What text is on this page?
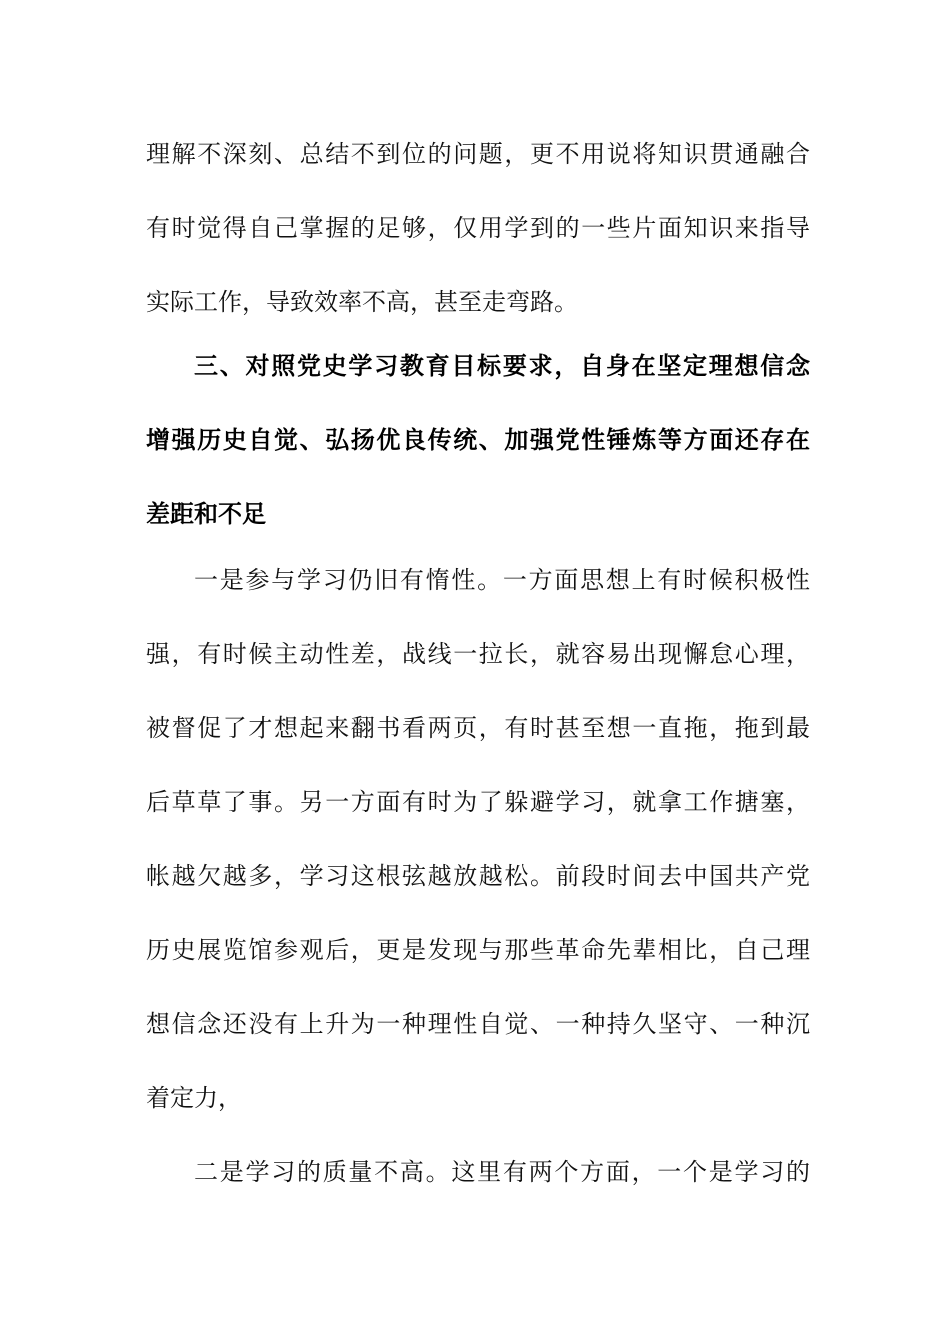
理解不深刻、总结不到位的问题，更不用说将知识贯通融合
有时觉得自己掌握的足够，仅用学到的一些片面知识来指导
实际工作，导致效率不高，甚至走弯路。
三、对照党史学习教育目标要求，自身在坚定理想信念
增强历史自觉、弘扬优良传统、加强党性锤炼等方面还存在
差距和不足
一是参与学习仍旧有惰性。一方面思想上有时候积极性
强，有时候主动性差，战线一拉长，就容易出现懈怠心理，
被督促了才想起来翻书看两页，有时甚至想一直拖，拖到最
后草草了事。另一方面有时为了躲避学习，就拿工作搪塞，
帐越欠越多，学习这根弦越放越松。前段时间去中国共产党
历史展览馆参观后，更是发现与那些革命先辈相比，自己理
想信念还没有上升为一种理性自觉、一种持久坚守、一种沉
着定力，
二是学习的质量不高。这里有两个方面，一个是学习的
